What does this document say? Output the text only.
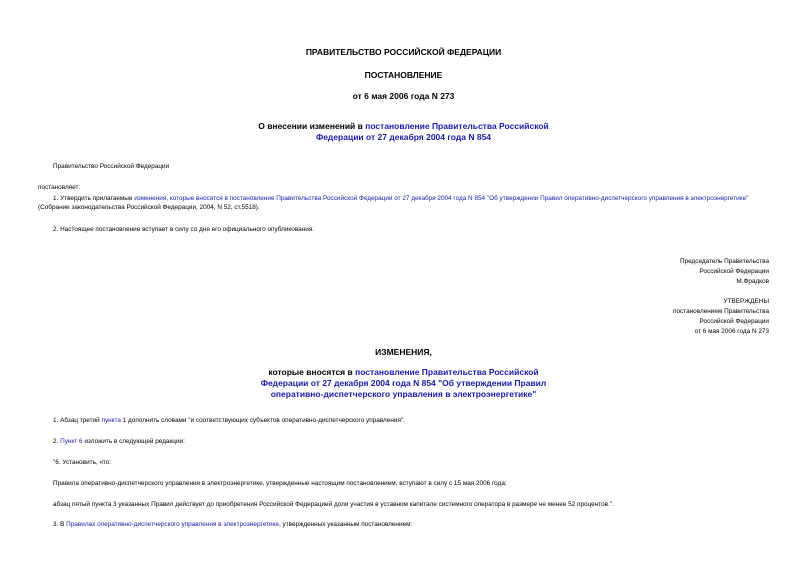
ПРАВИТЕЛЬСТВО РОССИЙСКОЙ ФЕДЕРАЦИИ
ПОСТАНОВЛЕНИЕ
от 6 мая 2006 года N 273
О внесении изменений в постановление Правительства Российской
Федерации от 27 декабря 2004 года N 854
Правительство Российской Федерации
постановляет:
1. Утвердить прилагаемые изменения, которые вносятся в постановление Правительства Российской Федерации от 27 декабря 2004 года N 854 "Об утверждении Правил оперативно-диспетчерского управления в электроэнергетике" (Собрание законодательства Российской Федерации, 2004, N 52, ст.5518).
2. Настоящее постановление вступает в силу со дня его официального опубликования.
Председатель Правительства
Российской Федерации
М.Фрадков
УТВЕРЖДЕНЫ
постановлением Правительства
Российской Федерации
от 6 мая 2006 года N 273
ИЗМЕНЕНИЯ,
которые вносятся в постановление Правительства Российской
Федерации от 27 декабря 2004 года N 854 "Об утверждении Правил
оперативно-диспетчерского управления в электроэнергетике"
1. Абзац третий пункта 1 дополнить словами "и соответствующих субъектов оперативно-диспетчерского управления".
2. Пункт 6 изложить в следующей редакции:
"6. Установить, что:
Правила оперативно-диспетчерского управления в электроэнергетике, утвержденные настоящим постановлением, вступают в силу с 15 мая 2006 года;
абзац пятый пункта 3 указанных Правил действует до приобретения Российской Федерацией доли участия в уставном капитале системного оператора в размере не менее 52 процентов.".
3. В Правилах оперативно-диспетчерского управления в электроэнергетике, утвержденных указанным постановлением:
